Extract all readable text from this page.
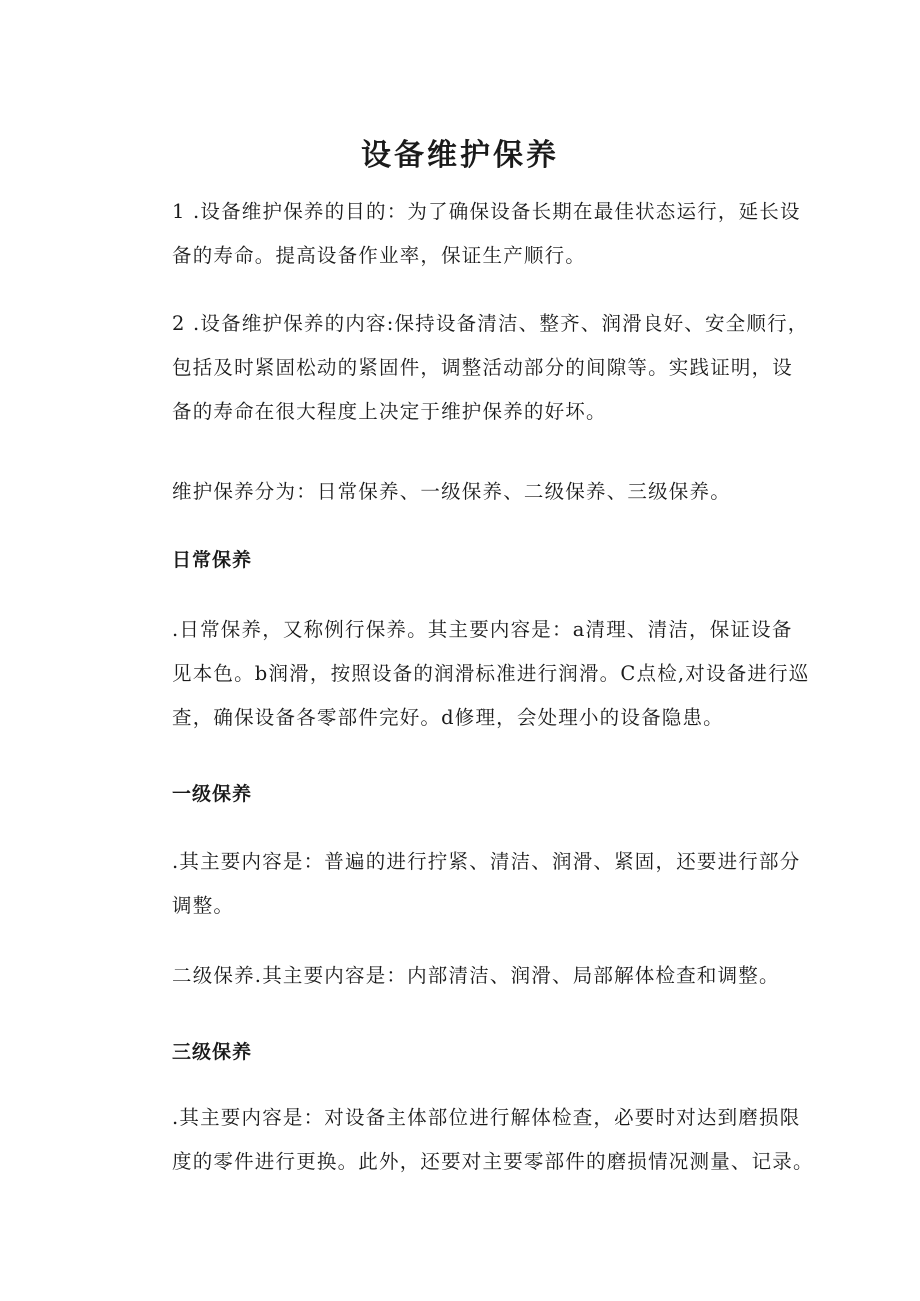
设备维护保养

1 .设备维护保养的目的：为了确保设备长期在最佳状态运行，延长设
备的寿命。提高设备作业率，保证生产顺行。

2 .设备维护保养的内容:保持设备清洁、整齐、润滑良好、安全顺行，
包括及时紧固松动的紧固件，调整活动部分的间隙等。实践证明，设
备的寿命在很大程度上决定于维护保养的好坏。

维护保养分为：日常保养、一级保养、二级保养、三级保养。

日常保养

.日常保养，又称例行保养。其主要内容是：a清理、清洁，保证设备
见本色。b润滑，按照设备的润滑标准进行润滑。C点检,对设备进行巡
查，确保设备各零部件完好。d修理，会处理小的设备隐患。

一级保养

.其主要内容是：普遍的进行拧紧、清洁、润滑、紧固，还要进行部分
调整。

二级保养.其主要内容是：内部清洁、润滑、局部解体检查和调整。

三级保养

.其主要内容是：对设备主体部位进行解体检查，必要时对达到磨损限
度的零件进行更换。此外，还要对主要零部件的磨损情况测量、记录。
